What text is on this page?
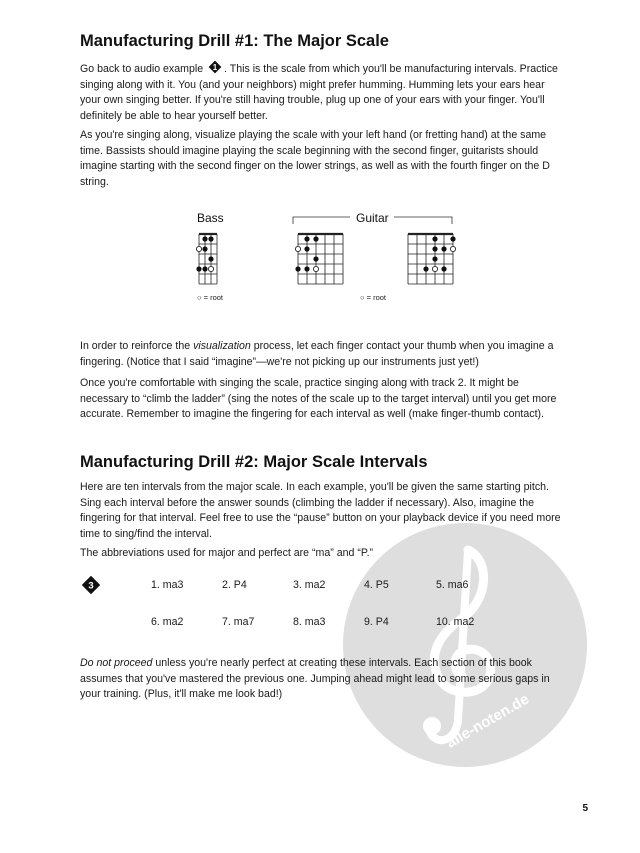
alle-noten.de
Manufacturing Drill #1: The Major Scale

Go back to audio example 1 . This is the scale from which you'll be manufacturing intervals. Practice singing along with it. You (and your neighbors) might prefer humming. Humming lets your ears hear your own singing better. If you're still having trouble, plug up one of your ears with your finger. You'll definitely be able to hear yourself better.

As you're singing along, visualize playing the scale with your left hand (or fretting hand) at the same time. Bassists should imagine playing the scale beginning with the second finger, guitarists should imagine starting with the second finger on the lower strings, as well as with the fourth finger on the D string.

Bass	Guitar
○ = root	○ = root

In order to reinforce the visualization process, let each finger contact your thumb when you imagine a fingering. (Notice that I said “imagine”—we're not picking up our instruments just yet!)

Once you're comfortable with singing the scale, practice singing along with track 2. It might be necessary to “climb the ladder” (sing the notes of the scale up to the target interval) until you get more accurate. Remember to imagine the fingering for each interval as well (make finger-thumb contact).

Manufacturing Drill #2: Major Scale Intervals

Here are ten intervals from the major scale. In each example, you'll be given the same starting pitch. Sing each interval before the answer sounds (climbing the ladder if necessary). Also, imagine the fingering for that interval. Feel free to use the “pause” button on your playback device if you need more time to sing/find the interval.

The abbreviations used for major and perfect are “ma” and “P.”

3	1. ma3	2. P4	3. ma2	4. P5	5. ma6
6. ma2	7. ma7	8. ma3	9. P4	10. ma2

Do not proceed unless you're nearly perfect at creating these intervals. Each section of this book assumes that you've mastered the previous one. Jumping ahead might lead to some serious gaps in your training. (Plus, it'll make me look bad!)

5
